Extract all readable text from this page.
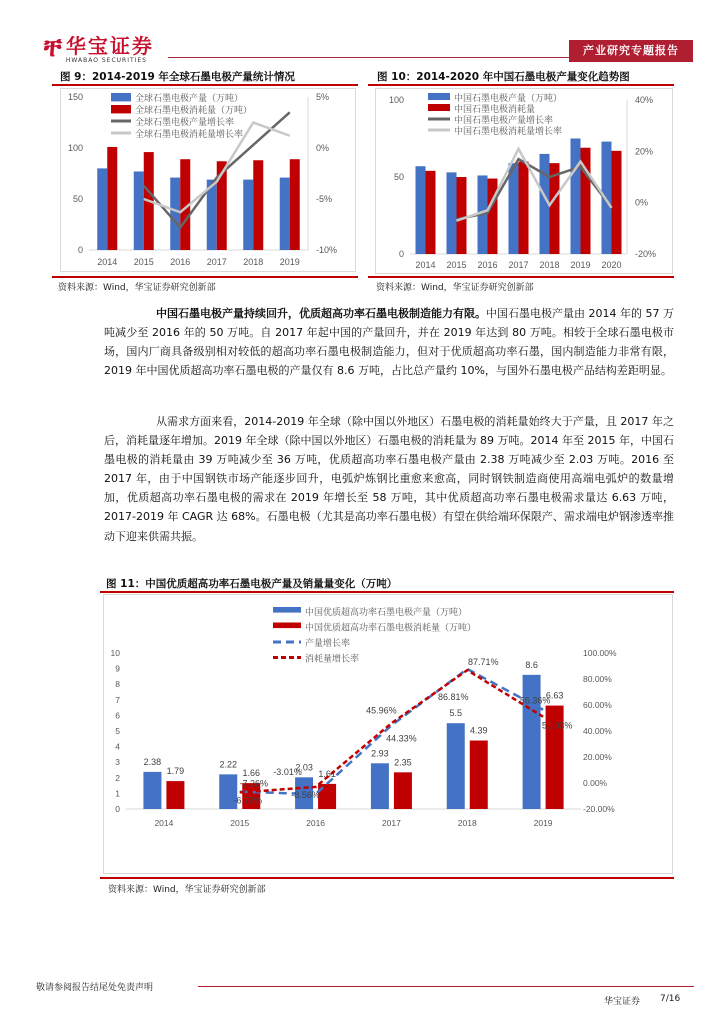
ቸ 华宝证券
HWABAO SECURITIES
产业研究专题报告
图 9：2014-2019 年全球石墨电极产量统计情况
0
50
100
150
-10%
-5%
0%
5%
2014 2015 2016 2017 2018 2019
全球石墨电极产量（万吨）
全球石墨电极消耗量（万吨）
全球石墨电极产量增长率
全球石墨电极消耗量增长率
资料来源：Wind，华宝证券研究创新部
图 10：2014-2020 年中国石墨电极产量变化趋势图
0
50
100
-20%
0%
20%
40%
2014 2015 2016 2017 2018 2019 2020
中国石墨电极产量（万吨）
中国石墨电极消耗量
中国石墨电极产量增长率
中国石墨电极消耗量增长率
资料来源：Wind，华宝证券研究创新部
中国石墨电极产量持续回升，优质超高功率石墨电极制造能力有限。中国石墨电极产量由 2014 年的 57 万吨减少至 2016 年的 50 万吨。自 2017 年起中国的产量回升，并在 2019 年达到 80 万吨。相较于全球石墨电极市场，国内厂商具备级别相对较低的超高功率石墨电极制造能力，但对于优质超高功率石墨，国内制造能力非常有限，2019 年中国优质超高功率石墨电极的产量仅有 8.6 万吨，占比总产量约 10%，与国外石墨电极产品结构差距明显。
从需求方面来看，2014-2019 年全球（除中国以外地区）石墨电极的消耗量始终大于产量，且 2017 年之后，消耗量逐年增加。2019 年全球（除中国以外地区）石墨电极的消耗量为 89 万吨。2014 年至 2015 年，中国石墨电极的消耗量由 39 万吨减少至 36 万吨，优质超高功率石墨电极产量由 2.38 万吨减少至 2.03 万吨。2016 至 2017 年，由于中国钢铁市场产能逐步回升，电弧炉炼钢比重愈来愈高，同时钢铁制造商使用高端电弧炉的数量增加，优质超高功率石墨电极的需求在 2019 年增长至 58 万吨，其中优质超高功率石墨电极需求量达 6.63 万吨，2017-2019 年 CAGR 达 68%。石墨电极（尤其是高功率石墨电极）有望在供给端环保限产、需求端电炉钢渗透率推动下迎来供需共振。
图 11：中国优质超高功率石墨电极产量及销量量变化（万吨）
0
1
2
3
4
5
6
7
8
9
10
-20.00%
0.00%
20.00%
40.00%
60.00%
80.00%
100.00%
2014	2015	2016	2017	2018	2019
2.38	2.22	2.03
2.93
5.5
8.6
1.79	1.66	1.61
2.35
4.39
6.63
-6.72%
-8.56%
44.33%
87.71%
56.36%
-7.26%
-3.01%
45.96%
86.81%
51.03%
中国优质超高功率石墨电极产量（万吨）
中国优质超高功率石墨电极消耗量（万吨）
产量增长率
消耗量增长率
资料来源：Wind，华宝证券研究创新部
敬请参阅报告结尾处免责声明
华宝证券 7/16
